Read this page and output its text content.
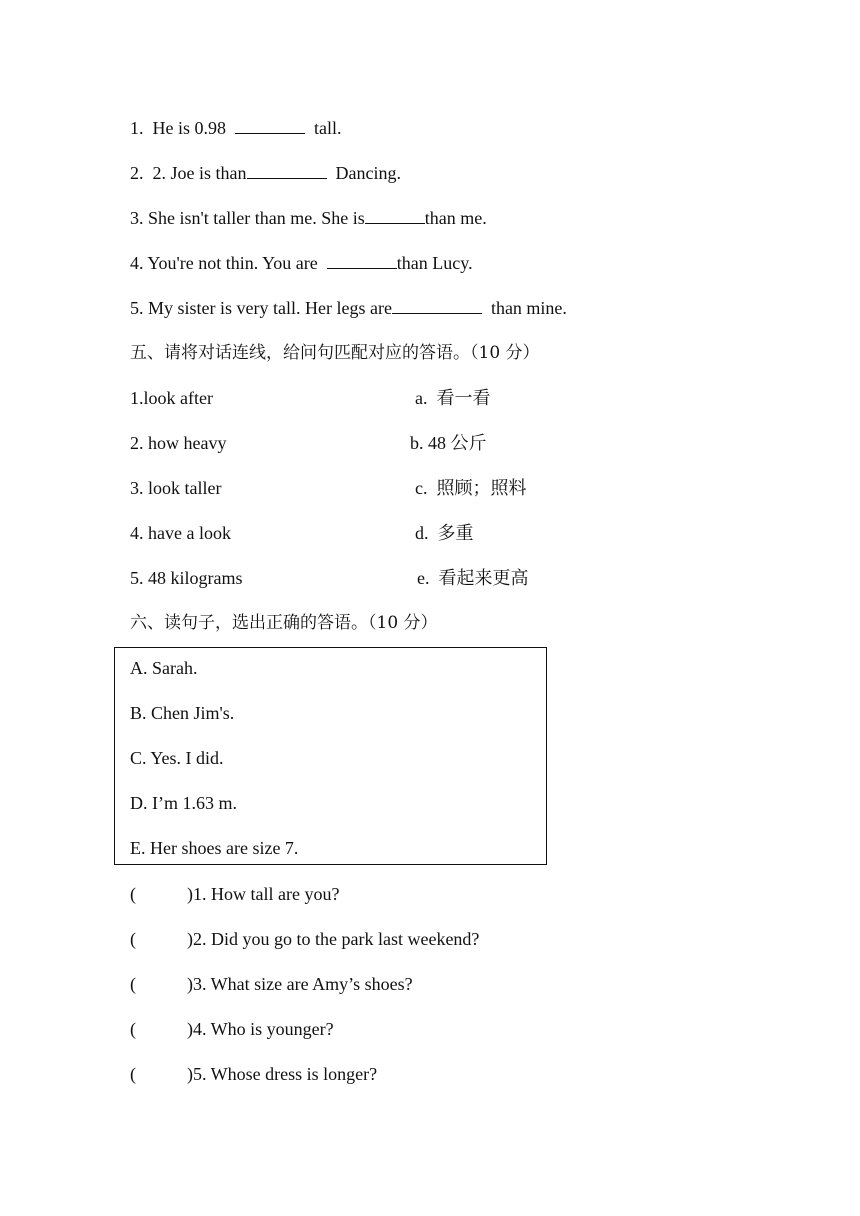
1.  He is 0.98	tall.
2.  2. Joe is than	Dancing.
3. She isn't taller than me. She is	than me.
4. You're not thin. You are	than Lucy.
5. My sister is very tall. Her legs are	than mine.
五、请将对话连线，给问句匹配对应的答语。（10 分）
1.look after	a.  看一看
2. how heavy	b. 48 公斤
3. look taller	c.  照顾；照料
4. have a look	d.  多重
5. 48 kilograms	e.  看起来更高
六、读句子，选出正确的答语。（10 分）
A. Sarah.
B. Chen Jim's.
C. Yes. I did.
D. I’m 1.63 m.
E. Her shoes are size 7.
(	)1. How tall are you?
(	)2. Did you go to the park last weekend?
(	)3. What size are Amy’s shoes?
(	)4. Who is younger?
(	)5. Whose dress is longer?
